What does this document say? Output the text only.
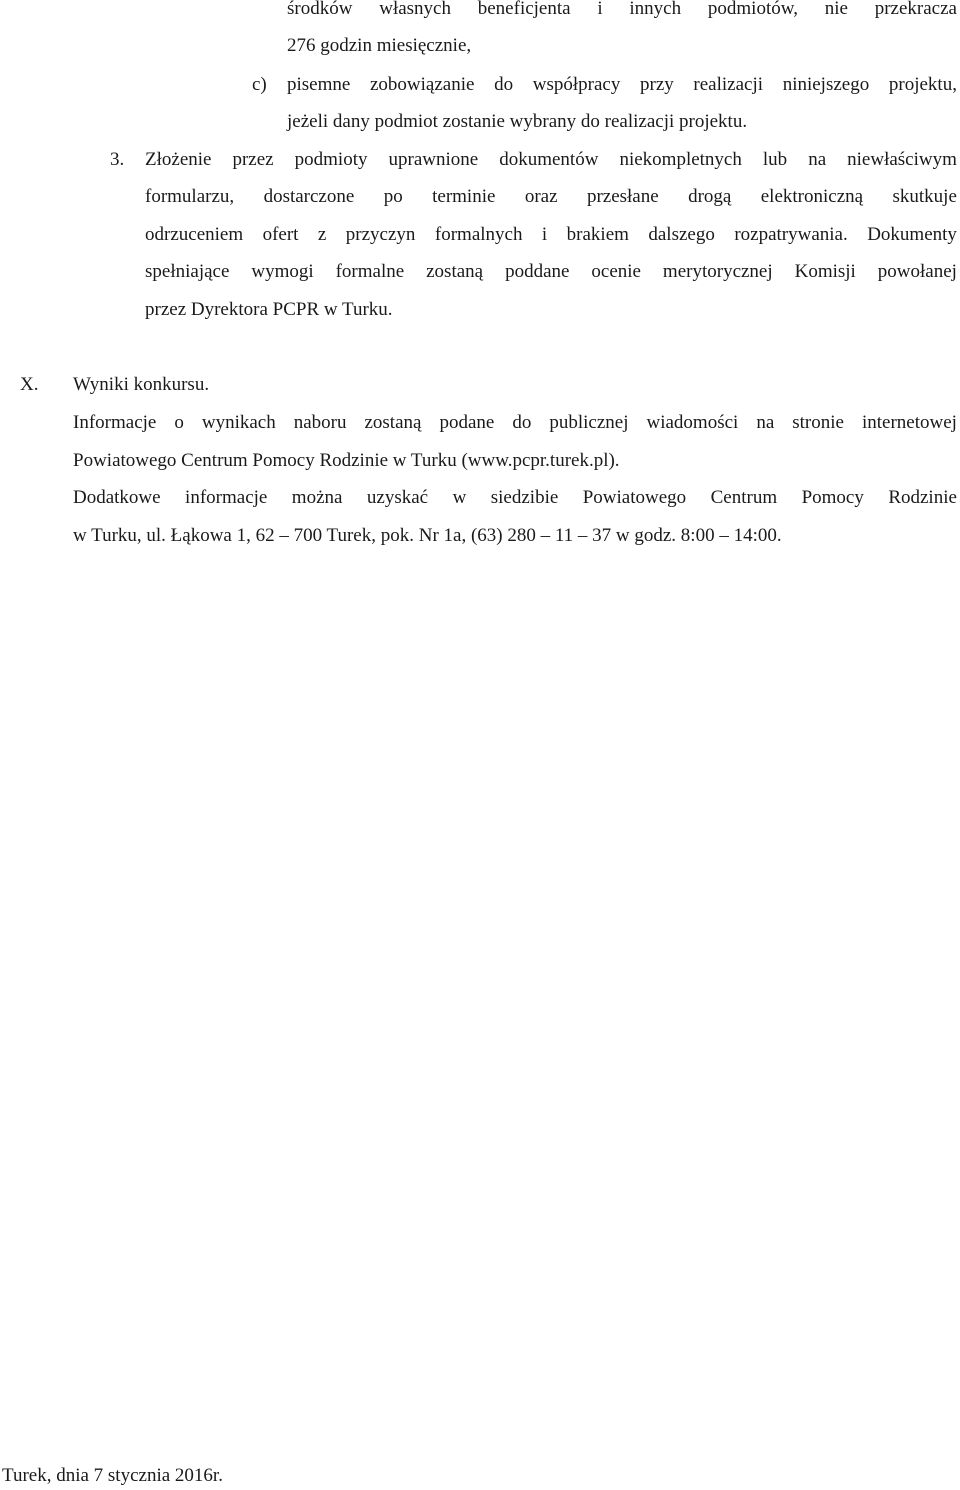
środków własnych beneficjenta i innych podmiotów, nie przekracza
276 godzin miesięcznie,
c) pisemne zobowiązanie do współpracy przy realizacji niniejszego projektu,
jeżeli dany podmiot zostanie wybrany do realizacji projektu.
3. Złożenie przez podmioty uprawnione dokumentów niekompletnych lub na niewłaściwym
formularzu, dostarczone po terminie oraz przesłane drogą elektroniczną skutkuje
odrzuceniem ofert z przyczyn formalnych i brakiem dalszego rozpatrywania. Dokumenty
spełniające wymogi formalne zostaną poddane ocenie merytorycznej Komisji powołanej
przez Dyrektora PCPR w Turku.
X. Wyniki konkursu.
Informacje o wynikach naboru zostaną podane do publicznej wiadomości na stronie internetowej
Powiatowego Centrum Pomocy Rodzinie w Turku (www.pcpr.turek.pl).
Dodatkowe informacje można uzyskać w siedzibie Powiatowego Centrum Pomocy Rodzinie
w Turku, ul. Łąkowa 1, 62 – 700 Turek, pok. Nr 1a, (63) 280 – 11 – 37 w godz. 8:00 – 14:00.
Turek, dnia 7 stycznia 2016r.
